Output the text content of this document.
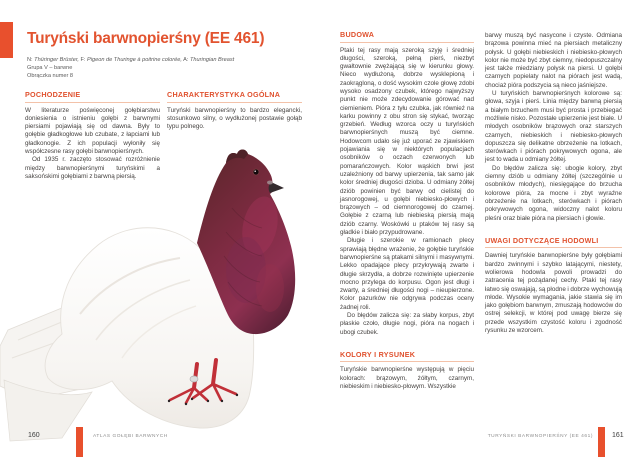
Turyński barwnopierśny (EE 461)
N: Thüringer Brüster, F: Pigeon de Thuringe à poitrine colorée, A: Thuringian Breast
Grupa V – barwne
Obrączka numer 8
POCHODZENIE

W literaturze poświęconej gołębiarstwu doniesienia o istnieniu gołębi z barwnymi piersiami pojawiają się od dawna. Były to gołębie gładkogłowe lub czubate, z łapciami lub gładkonogie. Z ich populacji wyłoniły się współczesne rasy gołębi barwnopierśnych.

Od 1935 r. zaczęto stosować rozróżnienie między barwnopierśnymi turyńskimi a saksońskimi gołębiami z barwną piersią.

CHARAKTERYSTYKA OGÓLNA

Turyński barwnopierśny to bardzo elegancki, stosunkowo silny, o wydłużonej postawie gołąb typu polnego.

BUDOWA

Ptaki tej rasy mają szeroką szyję i średniej długości, szeroką, pełną pierś, niezbyt gwałtownie zwężającą się w kierunku głowy. Nieco wydłużoną, dobrze wysklepioną i zaokrągloną, o dość wysokim czole głowę zdobi wysoko osadzony czubek, którego najwyższy punkt nie może zdecydowanie górować nad ciemieniem. Pióra z tyłu czubka, jak również na karku powinny z obu stron się stykać, tworząc grzebień. Według wzorca oczy u turyńskich barwnopierśnych muszą być ciemne. Hodowcom udało się już uporać ze zjawiskiem pojawiania się w niektórych populacjach osobników o oczach czerwonych lub pomarańczowych. Kolor wąskich brwi jest uzależniony od barwy upierzenia, tak samo jak kolor średniej długości dzioba. U odmiany żółtej dziób powinien być barwy od cielistej do jasnorogowej, u gołębi niebiesko-płowych i brązowych – od ciemnorogowej do czarnej. Gołębie z czarną lub niebieską piersią mają dziób czarny. Woskówki u ptaków tej rasy są gładkie i biało przypudrowane.

Długie i szerokie w ramionach plecy sprawiają błędne wrażenie, że gołębie turyńskie barwnopierśne są ptakami silnymi i masywnymi. Lekko opadające plecy przykrywają zwarte i długie skrzydła, a dobrze rozwinięte upierzenie mocno przylega do korpusu. Ogon jest długi i zwarty, a średniej długości nogi – nieupierzone. Kolor pazurków nie odgrywa podczas oceny żadnej roli.

Do błędów zalicza się: za słaby korpus, zbyt płaskie czoło, długie nogi, pióra na nogach i ubogi czubek.

KOLORY I RYSUNEK

Turyńskie barwnopierśne występują w pięciu kolorach: brązowym, żółtym, czarnym, niebieskim i niebiesko-płowym. Wszystkie

barwy muszą być nasycone i czyste. Odmiana brązowa powinna mieć na piersiach metaliczny połysk. U gołębi niebieskich i niebiesko-płowych kolor nie może być zbyt ciemny, niedopuszczalny jest także miedziany połysk na piersi. U gołębi czarnych popielaty nalot na piórach jest wadą, chociaż pióra podszycia są nieco jaśniejsze.

U turyńskich barwnopierśnych kolorowe są: głowa, szyja i pierś. Linia między barwną piersią a białym brzuchem musi być prosta i przebiegać możliwie nisko. Pozostałe upierzenie jest białe. U młodych osobników brązowych oraz starszych czarnych, niebieskich i niebiesko-płowych dopuszcza się delikatne obrzeżenie na lotkach, sterówkach i piórach pokrywowych ogona, ale jest to wada u odmiany żółtej.

Do błędów zalicza się: ubogie kolory, zbyt ciemny dziób u odmiany żółtej (szczególnie u osobników młodych), niesięgające do brzucha kolorowe pióra, za mocne i zbyt wyraźne obrzeżenie na lotkach, sterówkach i piórach pokrywowych ogona, widoczny nalot koloru pleśni oraz białe pióra na piersiach i głowie.

UWAGI DOTYCZĄCE HODOWLI

Dawniej turyńskie barwnopierśne były gołębiami bardzo zwinnymi i szybko latającymi, niestety, wolierowa hodowla powoli prowadzi do zatracenia tej pożądanej cechy. Ptaki tej rasy łatwo się oswajają, są płodne i dobrze wychowują młode. Wysokie wymagania, jakie stawia się im jako gołębiom barwnym, zmuszają hodowców do ostrej selekcji, w której pod uwagę bierze się przede wszystkim czystość koloru i zgodność rysunku ze wzorcem.

160	ATLAS GOŁĘBI BARWNYCH	TURYŃSKI BARWNOPIERŚNY (EE 461)	161
